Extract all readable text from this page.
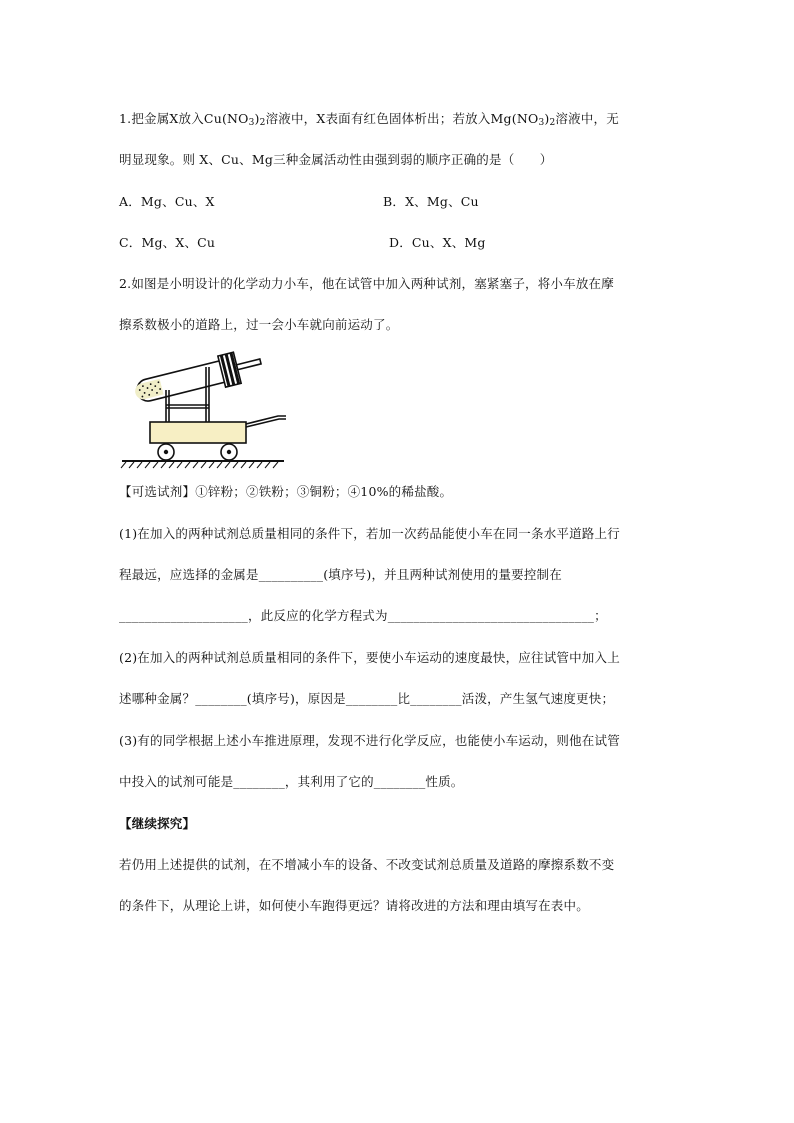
1.把金属X放入$Cu(NO_3)_2$溶液中，X表面有红色固体析出；若放入$Mg(NO_3)_2$溶液中，无
明显现象。则 X、Cu、Mg三种金属活动性由强到弱的顺序正确的是（　　）
A．Mg、Cu、X	B．X、Mg、Cu
C．Mg、X、Cu	D．Cu、X、Mg
2.如图是小明设计的化学动力小车，他在试管中加入两种试剂，塞紧塞子，将小车放在摩
擦系数极小的道路上，过一会小车就向前运动了。
【可选试剂】①锌粉；②铁粉；③铜粉；④10%的稀盐酸。
(1)在加入的两种试剂总质量相同的条件下，若加一次药品能使小车在同一条水平道路上行
程最远，应选择的金属是__________(填序号)，并且两种试剂使用的量要控制在
____________________，此反应的化学方程式为________________________________；
(2)在加入的两种试剂总质量相同的条件下，要使小车运动的速度最快，应往试管中加入上
述哪种金属？________(填序号)，原因是________比________活泼，产生氢气速度更快；
(3)有的同学根据上述小车推进原理，发现不进行化学反应，也能使小车运动，则他在试管
中投入的试剂可能是________，其利用了它的________性质。
【继续探究】
若仍用上述提供的试剂，在不增减小车的设备、不改变试剂总质量及道路的摩擦系数不变
的条件下，从理论上讲，如何使小车跑得更远？请将改进的方法和理由填写在表中。
